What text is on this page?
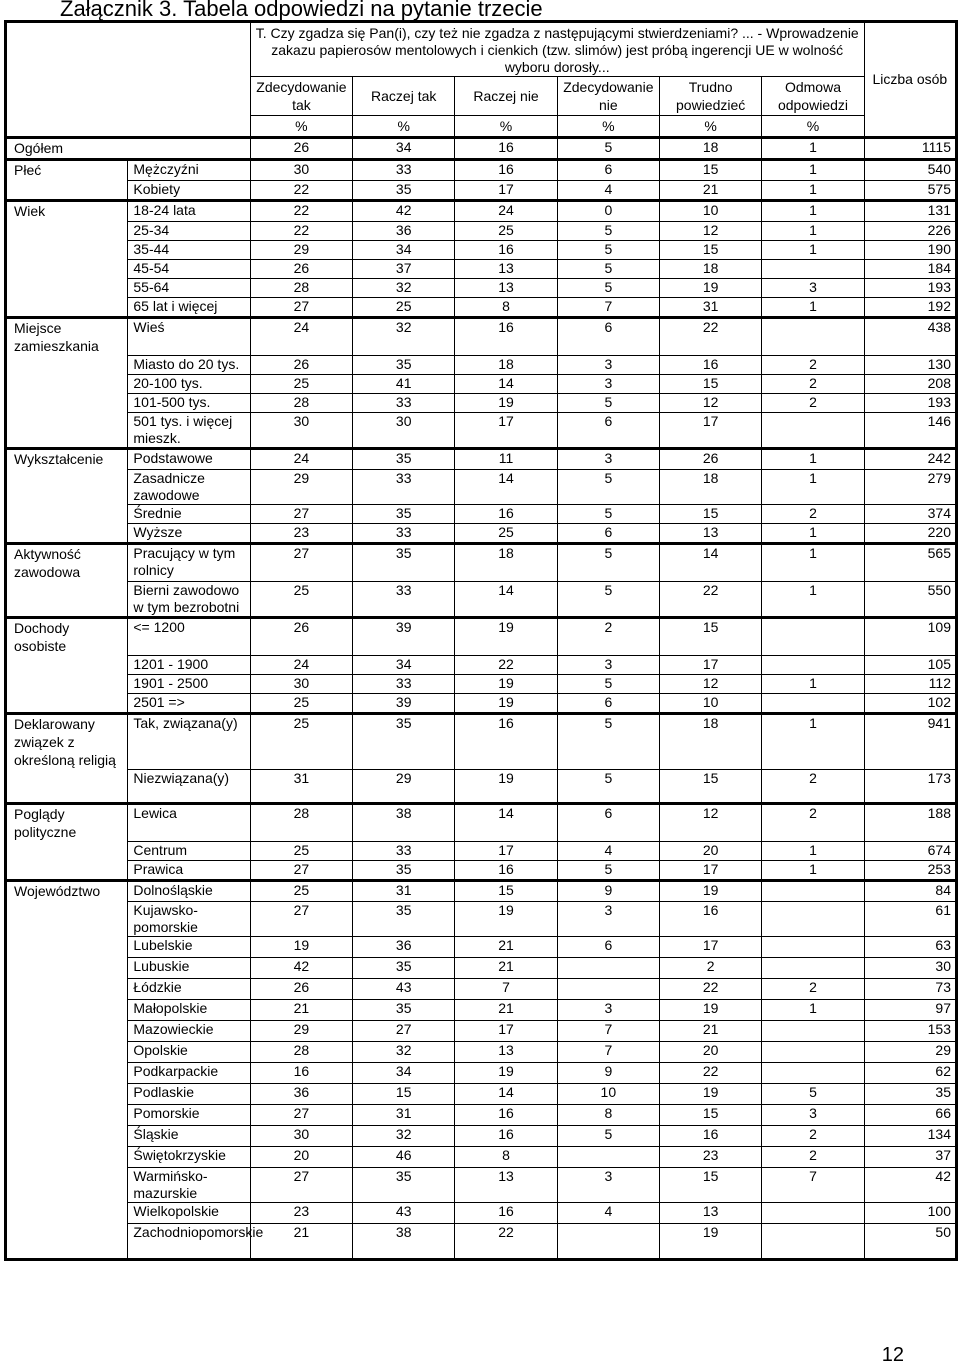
Załącznik 3. Tabela odpowiedzi na pytanie trzecie
		T. Czy zgadza się Pan(i), czy też nie zgadza z następującymi stwierdzeniami? ... - Wprowadzenie zakazu papierosów mentolowych i cienkich (tzw. slimów) jest próbą ingerencji UE w wolność wyboru dorosły...						Liczba osób
		Zdecydowanie tak	Raczej tak	Raczej nie	Zdecydowanie nie	Trudno powiedzieć	Odmowa odpowiedzi	
		%	%	%	%	%	%	
Ogółem		26	34	16	5	18	1	1115
Płeć	Mężczyźni	30	33	16	6	15	1	540
	Kobiety	22	35	17	4	21	1	575
Wiek	18-24 lata	22	42	24	0	10	1	131
	25-34	22	36	25	5	12	1	226
	35-44	29	34	16	5	15	1	190
	45-54	26	37	13	5	18		184
	55-64	28	32	13	5	19	3	193
	65 lat i więcej	27	25	8	7	31	1	192
Miejsce zamieszkania	Wieś	24	32	16	6	22		438
	Miasto do 20 tys.	26	35	18	3	16	2	130
	20-100 tys.	25	41	14	3	15	2	208
	101-500 tys.	28	33	19	5	12	2	193
	501 tys. i więcej mieszk.	30	30	17	6	17		146
Wykształcenie	Podstawowe	24	35	11	3	26	1	242
	Zasadnicze zawodowe	29	33	14	5	18	1	279
	Średnie	27	35	16	5	15	2	374
	Wyższe	23	33	25	6	13	1	220
Aktywność zawodowa	Pracujący w tym rolnicy	27	35	18	5	14	1	565
	Bierni zawodowo w tym bezrobotni	25	33	14	5	22	1	550
Dochody osobiste	<= 1200	26	39	19	2	15		109
	1201 - 1900	24	34	22	3	17		105
	1901 - 2500	30	33	19	5	12	1	112
	2501 =>	25	39	19	6	10		102
Deklarowany związek z określoną religią	Tak, związana(y)	25	35	16	5	18	1	941
	Niezwiązana(y)	31	29	19	5	15	2	173
Poglądy polityczne	Lewica	28	38	14	6	12	2	188
	Centrum	25	33	17	4	20	1	674
	Prawica	27	35	16	5	17	1	253
Województwo	Dolnośląskie	25	31	15	9	19		84
	Kujawsko-pomorskie	27	35	19	3	16		61
	Lubelskie	19	36	21	6	17		63
	Lubuskie	42	35	21		2		30
	Łódzkie	26	43	7		22	2	73
	Małopolskie	21	35	21	3	19	1	97
	Mazowieckie	29	27	17	7	21		153
	Opolskie	28	32	13	7	20		29
	Podkarpackie	16	34	19	9	22		62
	Podlaskie	36	15	14	10	19	5	35
	Pomorskie	27	31	16	8	15	3	66
	Śląskie	30	32	16	5	16	2	134
	Świętokrzyskie	20	46	8		23	2	37
	Warmińsko-mazurskie	27	35	13	3	15	7	42
	Wielkopolskie	23	43	16	4	13		100
	Zachodniopomorskie	21	38	22		19		50
12
